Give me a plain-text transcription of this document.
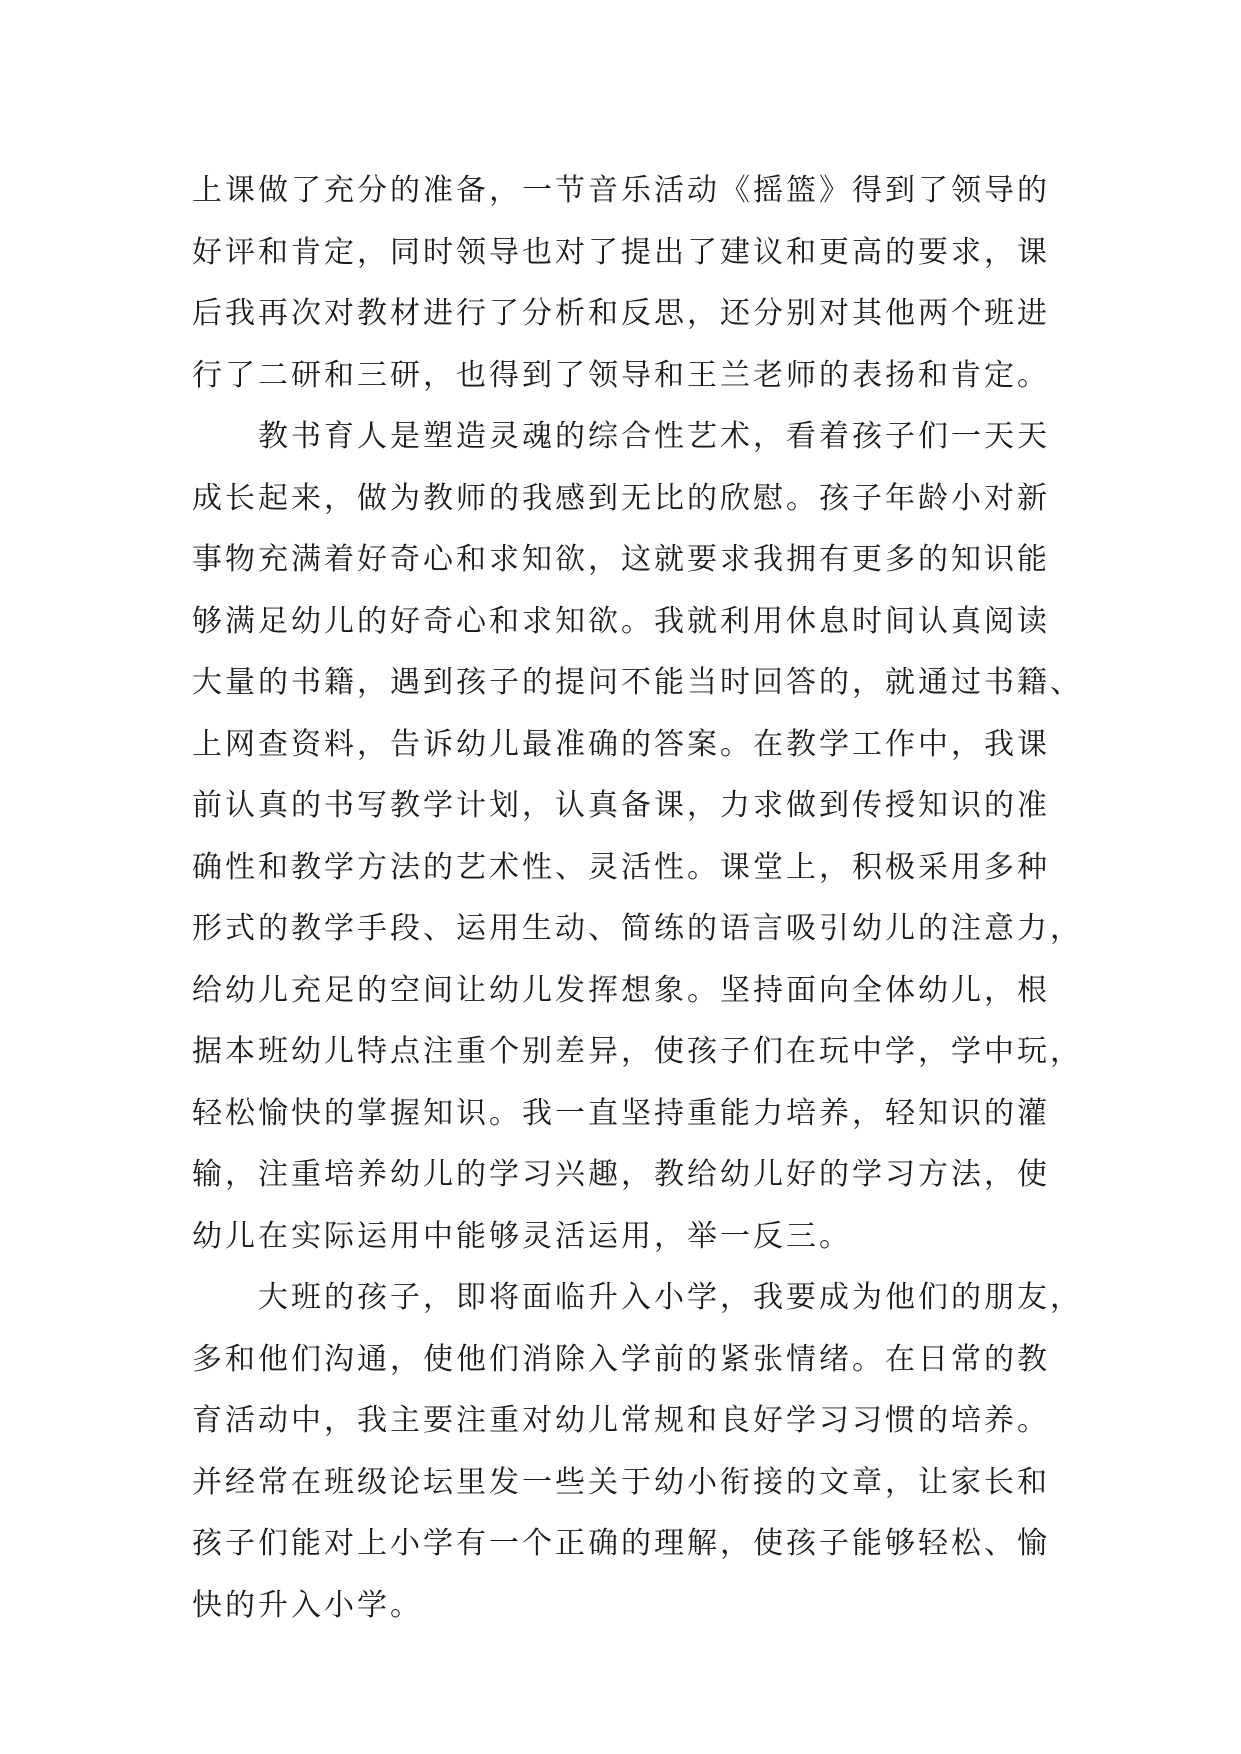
上课做了充分的准备，一节音乐活动《摇篮》得到了领导的
好评和肯定，同时领导也对了提出了建议和更高的要求，课
后我再次对教材进行了分析和反思，还分别对其他两个班进
行了二研和三研，也得到了领导和王兰老师的表扬和肯定。
　　教书育人是塑造灵魂的综合性艺术，看着孩子们一天天
成长起来，做为教师的我感到无比的欣慰。孩子年龄小对新
事物充满着好奇心和求知欲，这就要求我拥有更多的知识能
够满足幼儿的好奇心和求知欲。我就利用休息时间认真阅读
大量的书籍，遇到孩子的提问不能当时回答的，就通过书籍、
上网查资料，告诉幼儿最准确的答案。在教学工作中，我课
前认真的书写教学计划，认真备课，力求做到传授知识的准
确性和教学方法的艺术性、灵活性。课堂上，积极采用多种
形式的教学手段、运用生动、简练的语言吸引幼儿的注意力，
给幼儿充足的空间让幼儿发挥想象。坚持面向全体幼儿，根
据本班幼儿特点注重个别差异，使孩子们在玩中学，学中玩，
轻松愉快的掌握知识。我一直坚持重能力培养，轻知识的灌
输，注重培养幼儿的学习兴趣，教给幼儿好的学习方法，使
幼儿在实际运用中能够灵活运用，举一反三。
　　大班的孩子，即将面临升入小学，我要成为他们的朋友，
多和他们沟通，使他们消除入学前的紧张情绪。在日常的教
育活动中，我主要注重对幼儿常规和良好学习习惯的培养。
并经常在班级论坛里发一些关于幼小衔接的文章，让家长和
孩子们能对上小学有一个正确的理解，使孩子能够轻松、愉
快的升入小学。
